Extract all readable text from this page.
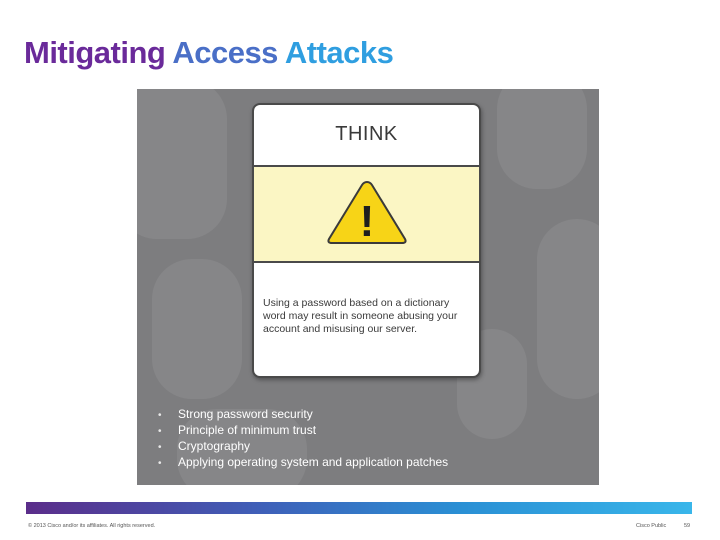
Mitigating Access Attacks
THINK
!
Using a password based on a dictionary word may result in someone abusing your account and misusing our server.
• Strong password security
• Principle of minimum trust
• Cryptography
• Applying operating system and application patches
© 2013 Cisco and/or its affiliates. All rights reserved.	Cisco Public	59
